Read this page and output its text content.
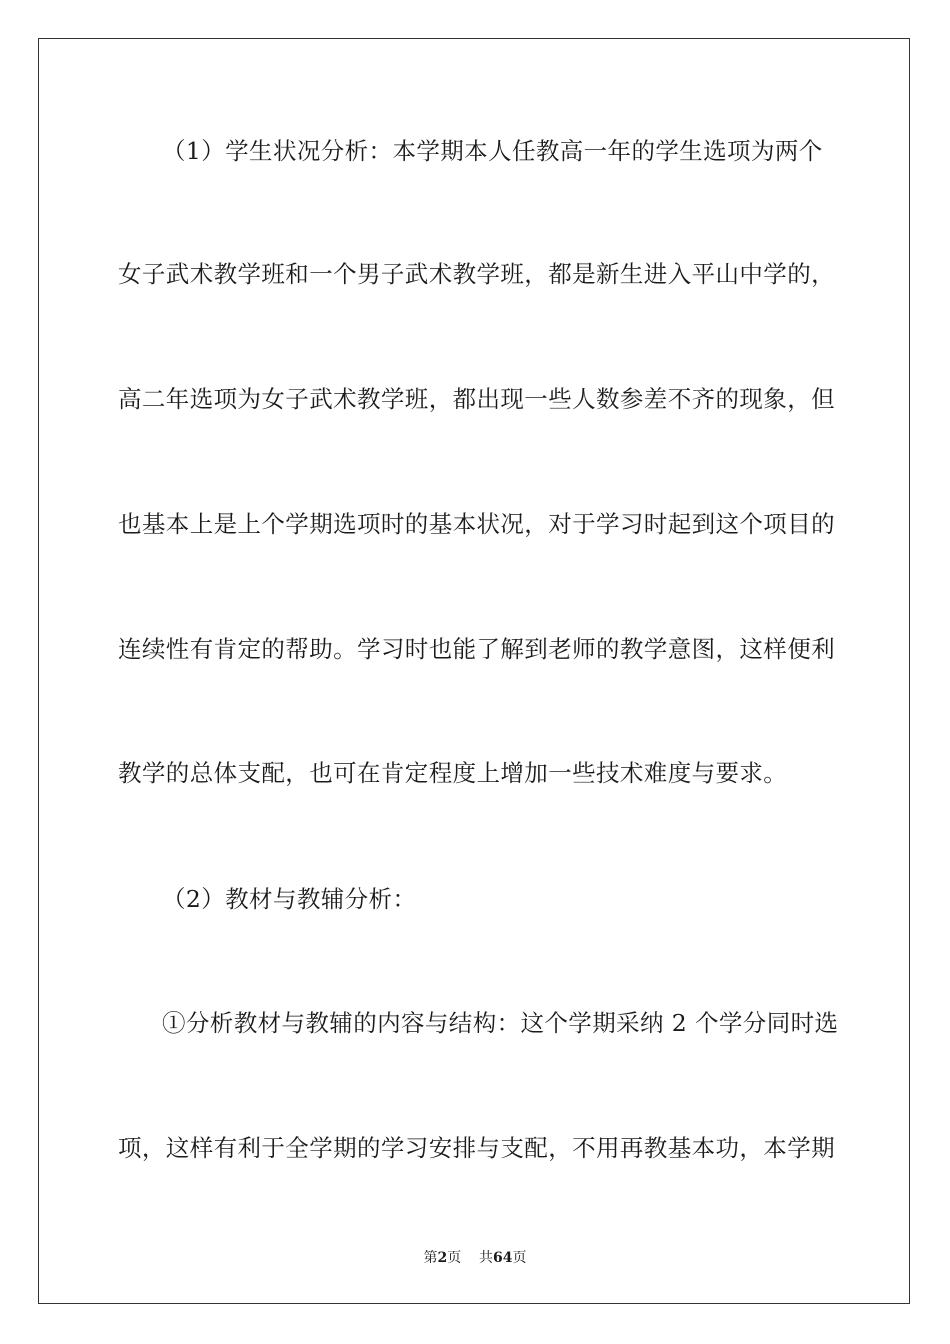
（1）学生状况分析：本学期本人任教高一年的学生选项为两个
女子武术教学班和一个男子武术教学班，都是新生进入平山中学的，
高二年选项为女子武术教学班，都出现一些人数参差不齐的现象，但
也基本上是上个学期选项时的基本状况，对于学习时起到这个项目的
连续性有肯定的帮助。学习时也能了解到老师的教学意图，这样便利
教学的总体支配，也可在肯定程度上增加一些技术难度与要求。
（2）教材与教辅分析：
①分析教材与教辅的内容与结构：这个学期采纳 2 个学分同时选
项，这样有利于全学期的学习安排与支配，不用再教基本功，本学期
第2页 共64页
